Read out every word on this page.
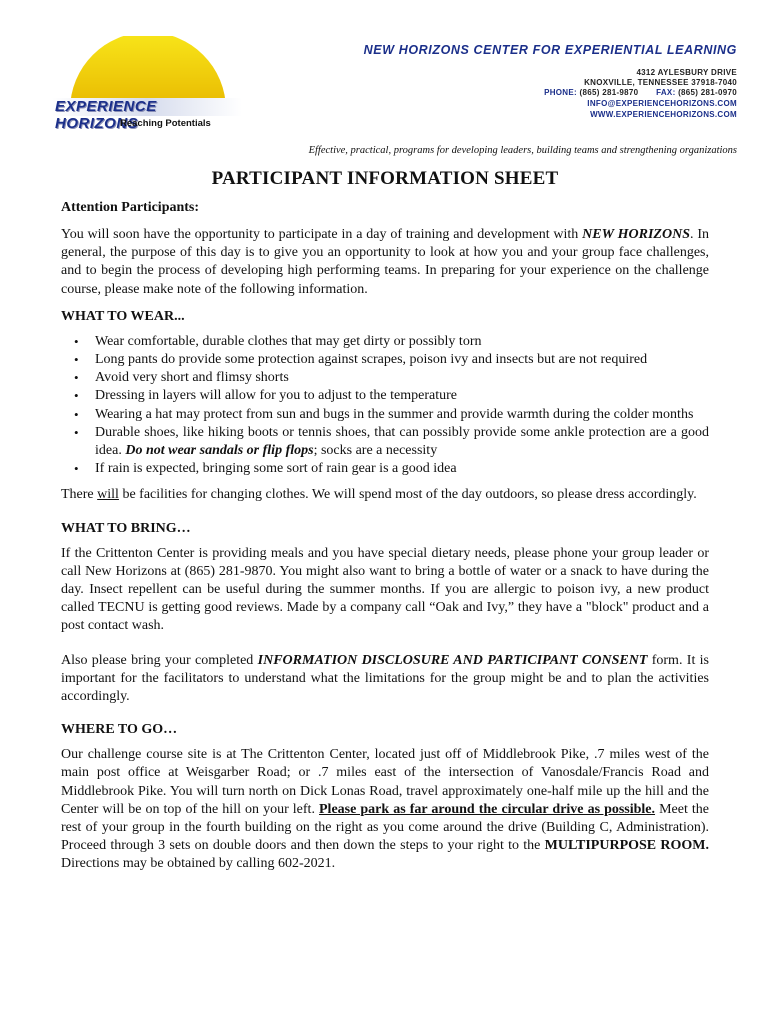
EXPERIENCE HORIZONS
Reaching Potentials
NEW HORIZONS CENTER FOR EXPERIENTIAL LEARNING
4312 AYLESBURY DRIVE
KNOXVILLE, TENNESSEE 37918-7040
PHONE: (865) 281-9870 FAX: (865) 281-0970
INFO@EXPERIENCEHORIZONS.COM
WWW.EXPERIENCEHORIZONS.COM
Effective, practical, programs for developing leaders, building teams and strengthening organizations
PARTICIPANT INFORMATION SHEET
Attention Participants:

You will soon have the opportunity to participate in a day of training and development with NEW HORIZONS. In general, the purpose of this day is to give you an opportunity to look at how you and your group face challenges, and to begin the process of developing high performing teams. In preparing for your experience on the challenge course, please make note of the following information.

WHAT TO WEAR...
• Wear comfortable, durable clothes that may get dirty or possibly torn
• Long pants do provide some protection against scrapes, poison ivy and insects but are not required
• Avoid very short and flimsy shorts
• Dressing in layers will allow for you to adjust to the temperature
• Wearing a hat may protect from sun and bugs in the summer and provide warmth during the colder months
• Durable shoes, like hiking boots or tennis shoes, that can possibly provide some ankle protection are a good idea. Do not wear sandals or flip flops; socks are a necessity
• If rain is expected, bringing some sort of rain gear is a good idea

There will be facilities for changing clothes. We will spend most of the day outdoors, so please dress accordingly.

WHAT TO BRING…

If the Crittenton Center is providing meals and you have special dietary needs, please phone your group leader or call New Horizons at (865) 281-9870. You might also want to bring a bottle of water or a snack to have during the day. Insect repellent can be useful during the summer months. If you are allergic to poison ivy, a new product called TECNU is getting good reviews. Made by a company call “Oak and Ivy,” they have a "block" product and a post contact wash.

Also please bring your completed INFORMATION DISCLOSURE AND PARTICIPANT CONSENT form. It is important for the facilitators to understand what the limitations for the group might be and to plan the activities accordingly.

WHERE TO GO…

Our challenge course site is at The Crittenton Center, located just off of Middlebrook Pike, .7 miles west of the main post office at Weisgarber Road; or .7 miles east of the intersection of Vanosdale/Francis Road and Middlebrook Pike. You will turn north on Dick Lonas Road, travel approximately one-half mile up the hill and the Center will be on top of the hill on your left. Please park as far around the circular drive as possible. Meet the rest of your group in the fourth building on the right as you come around the drive (Building C, Administration). Proceed through 3 sets on double doors and then down the steps to your right to the MULTIPURPOSE ROOM. Directions may be obtained by calling 602-2021.
